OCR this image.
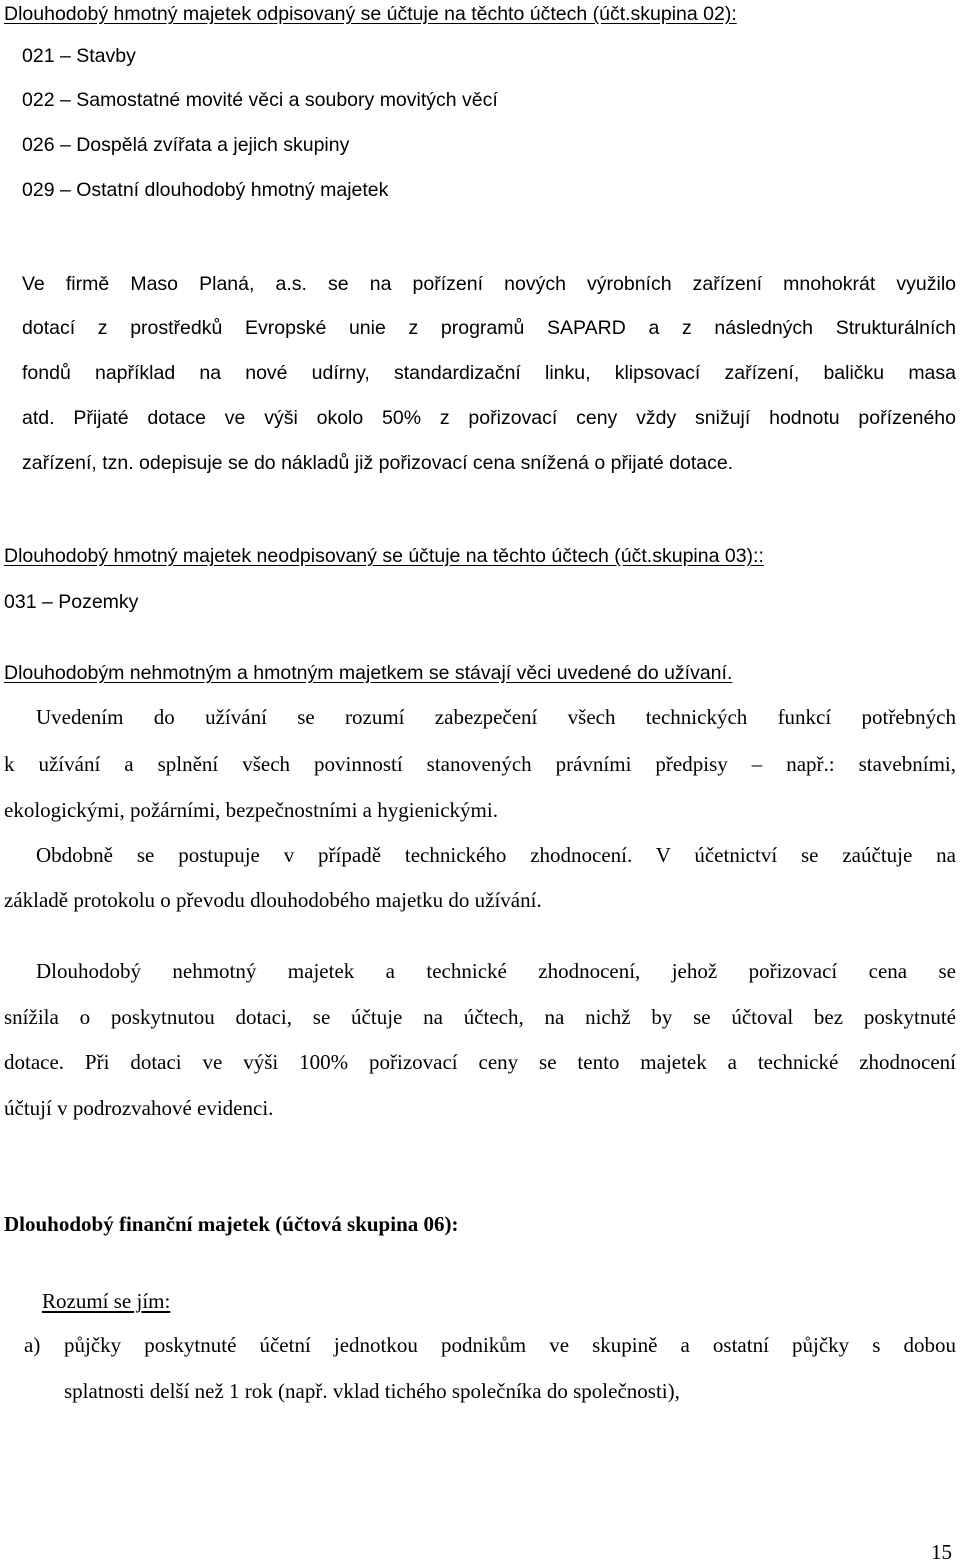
Dlouhodobý hmotný majetek odpisovaný se účtuje na těchto účtech (účt.skupina 02):
021 – Stavby
022 – Samostatné movité věci a soubory movitých věcí
026 – Dospělá zvířata a jejich skupiny
029 – Ostatní dlouhodobý hmotný majetek
Ve firmě Maso Planá, a.s. se na pořízení nových výrobních zařízení mnohokrát využilo
dotací z prostředků Evropské unie z programů SAPARD a z následných Strukturálních
fondů například na nové udírny, standardizační linku, klipsovací zařízení, baličku masa
atd. Přijaté dotace ve výši okolo 50% z pořizovací ceny vždy snižují hodnotu pořízeného
zařízení, tzn. odepisuje se do nákladů již pořizovací cena snížená o přijaté dotace.
Dlouhodobý hmotný majetek neodpisovaný se účtuje na těchto účtech (účt.skupina 03)::
031 – Pozemky
Dlouhodobým nehmotným a hmotným majetkem se stávají věci uvedené do užívaní.
Uvedením do užívání se rozumí zabezpečení všech technických funkcí potřebných
k užívání a splnění všech povinností stanovených právními předpisy – např.: stavebními,
ekologickými, požárními, bezpečnostními a hygienickými.
Obdobně se postupuje v případě technického zhodnocení. V účetnictví se zaúčtuje na
základě protokolu o převodu dlouhodobého majetku do užívání.
Dlouhodobý nehmotný majetek a technické zhodnocení, jehož pořizovací cena se
snížila o poskytnutou dotaci, se účtuje na účtech, na nichž by se účtoval bez poskytnuté
dotace. Při dotaci ve výši 100% pořizovací ceny se tento majetek a technické zhodnocení
účtují v podrozvahové evidenci.
Dlouhodobý finanční majetek (účtová skupina 06):
Rozumí se jím:
a) půjčky poskytnuté účetní jednotkou podnikům ve skupině a ostatní půjčky s dobou
splatnosti delší než 1 rok (např. vklad tichého společníka do společnosti),
15
